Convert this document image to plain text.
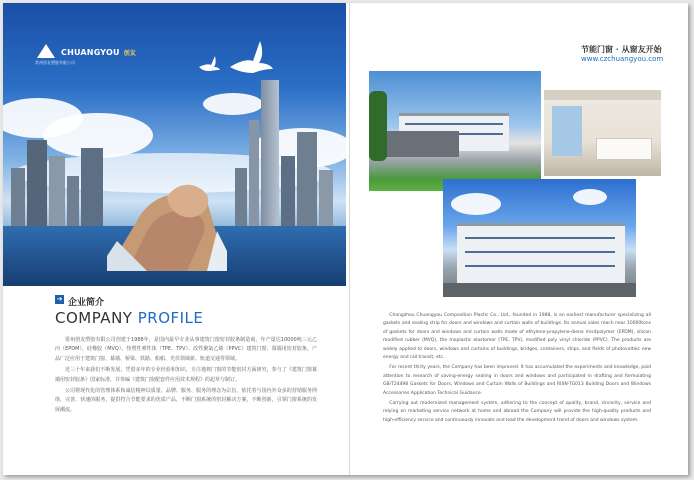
CHUANGYOU 创友
常州创友塑胶有限公司
➔ 企业简介
COMPANY PROFILE

常州创友塑胶有限公司创建于1988年，是国内最早专业从事建筑门窗密封胶条制造商，年产量达10000吨三元乙丙（EPDM）、硅橡胶（MVQ）、热塑性弹性体（TPE、TPV）、改性聚氯乙烯（PPVC）建筑门窗、幕墙用密封胶条，产品广泛应用于建筑门窗、幕墙、桥梁、铁路、船舶、光伏领域新、轨道交通等领域。

近三十年来我们不断发展，凭借多年的专业经验和知识，专注地将门窗的节能密封方面研究，参与了《建筑门窗幕墙用密封胶条》国家标准，并参编《建筑门窗配套件应用技术规程》的起草与制订。

公司将现代化的管理体系和诚信精神以质量、品牌、服务、服务的理念为宗旨，依托着与国内外众多的营销服务网络，完善、快速的服务，提供符合节能要求的优质产品，不断门窗系统的密封解决方案，不断创新，引领门窗系统的发展潮流。

节能门窗 · 从窗友开始
www.czchuangyou.com

Changzhou Chuangyou Composition Plastic Co., Ltd., founded in 1988, is an earliest manufacturer specializing all gaskets and sealing strip for doors and windows and curtain walls of buildings. Its annual sales reach near 10000tons of gaskets for doors and windows and curtain walls made of ethylene-propylene-diene misdpolymer (EPDM), silicon modified rubber (MVQ), the moplastic elastomer (TPE, TPV), modified poly vinyl chloride (PPVC). The products are widely applied to doors, windows and curtains of buildings, bridges, containers, ships, and fields of photovoltaic new energy and rail transit, etc.

For recent thirty years, the Company has been improved. It has accumulated the experiments and knowledge, paid attention to research of saving-energy sealing in doors and windows and participated in drafting and formulating GB/T24498 Gaskets for Doors, Windows and Curtain Walls of Buildings and RISN-TG013 Building Doors and Windows Accessories Application Technical Guidance.

Carrying out modernized management system, adhering to the concept of quality, brand, sincerity, service and relying on marketing service network at home and abroad the Company will provide the high-quality products and high-efficiency service and continuously innovate and lead the development trend of doors and windows system.
